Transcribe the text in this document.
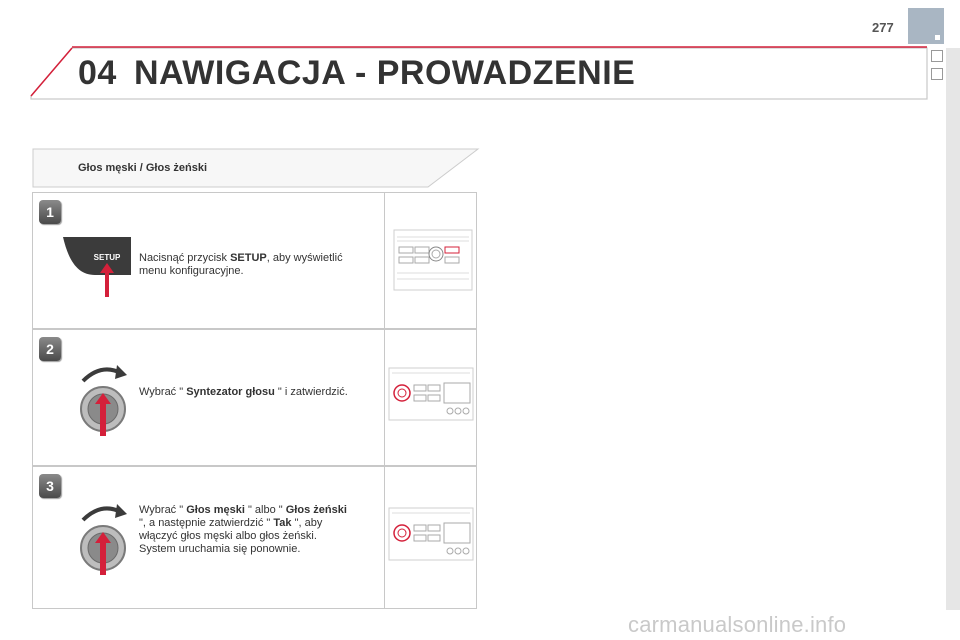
277
04 NAWIGACJA - PROWADZENIE
Głos męski / Głos żeński
1
SETUP Nacisnąć przycisk SETUP, aby wyświetlić menu konfiguracyjne.
2
Wybrać " Syntezator głosu " i zatwierdzić.
3
Wybrać " Głos męski " albo " Głos żeński ", a następnie zatwierdzić " Tak ", aby włączyć głos męski albo głos żeński. System uruchamia się ponownie.
carmanualsonline.info
